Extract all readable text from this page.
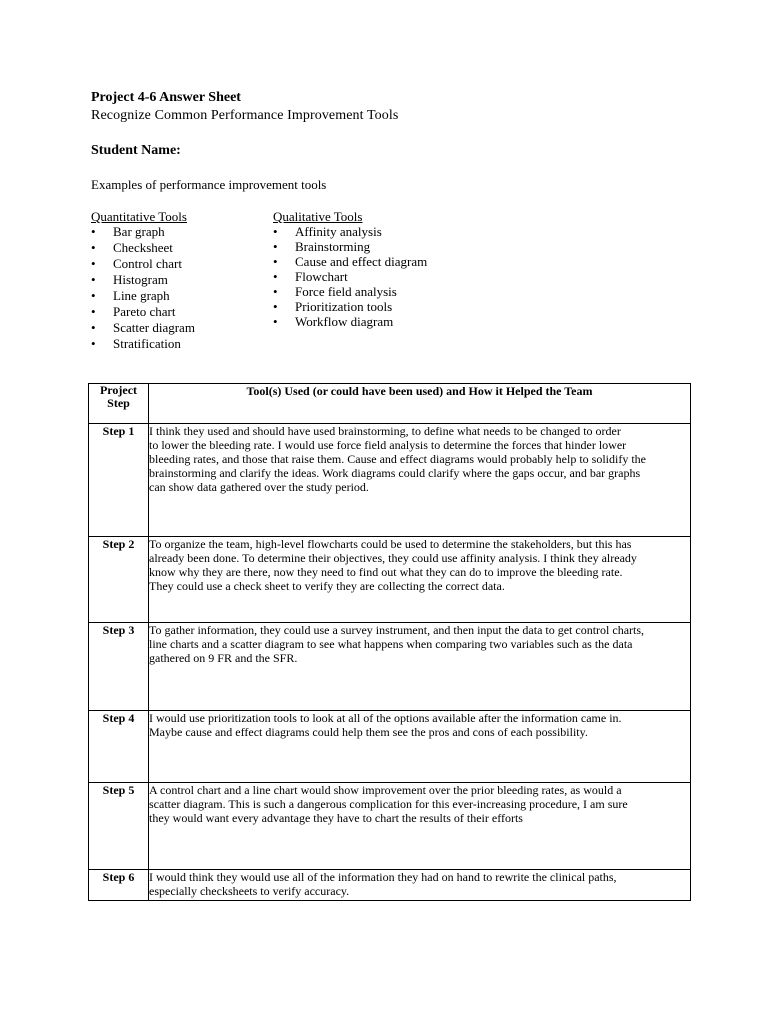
Project 4-6 Answer Sheet
Recognize Common Performance Improvement Tools
Student Name:
Examples of performance improvement tools
Quantitative Tools
• Bar graph
• Checksheet
• Control chart
• Histogram
• Line graph
• Pareto chart
• Scatter diagram
• Stratification
Qualitative Tools
• Affinity analysis
• Brainstorming
• Cause and effect diagram
• Flowchart
• Force field analysis
• Prioritization tools
• Workflow diagram
Project
Step	Tool(s) Used (or could have been used) and How it Helped the Team
Step 1	I think they used and should have used brainstorming, to define what needs to be changed to order
to lower the bleeding rate. I would use force field analysis to determine the forces that hinder lower
bleeding rates, and those that raise them. Cause and effect diagrams would probably help to solidify the
brainstorming and clarify the ideas. Work diagrams could clarify where the gaps occur, and bar graphs
can show data gathered over the study period.

Step 2	To organize the team, high-level flowcharts could be used to determine the stakeholders, but this has
already been done. To determine their objectives, they could use affinity analysis. I think they already
know why they are there, now they need to find out what they can do to improve the bleeding rate.
They could use a check sheet to verify they are collecting the correct data.

Step 3	To gather information, they could use a survey instrument, and then input the data to get control charts,
line charts and a scatter diagram to see what happens when comparing two variables such as the data
gathered on 9 FR and the SFR.

Step 4	I would use prioritization tools to look at all of the options available after the information came in.
Maybe cause and effect diagrams could help them see the pros and cons of each possibility.

Step 5	A control chart and a line chart would show improvement over the prior bleeding rates, as would a
scatter diagram. This is such a dangerous complication for this ever-increasing procedure, I am sure
they would want every advantage they have to chart the results of their efforts

Step 6	I would think they would use all of the information they had on hand to rewrite the clinical paths,
especially checksheets to verify accuracy.
